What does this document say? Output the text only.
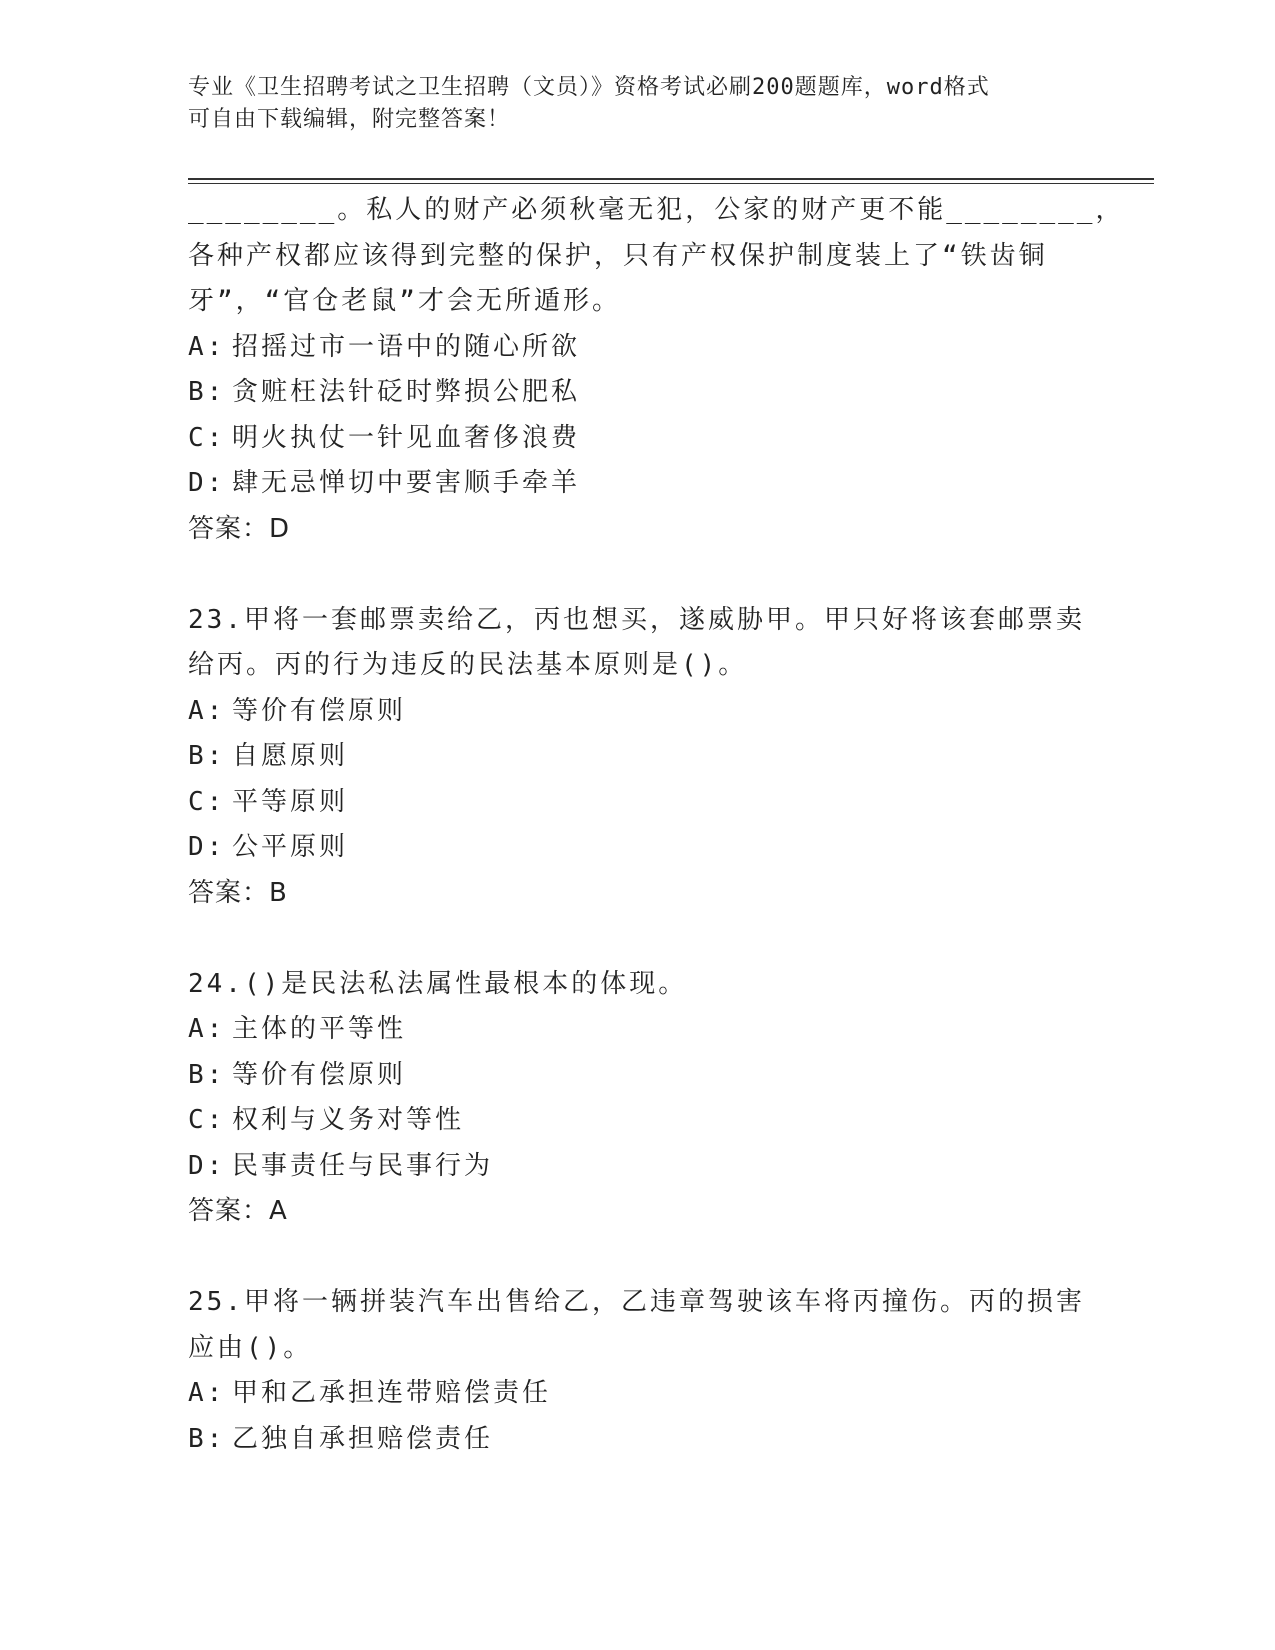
专业《卫生招聘考试之卫生招聘（文员）》资格考试必刷200题题库，word格式
可自由下载编辑，附完整答案！
________。私人的财产必须秋毫无犯，公家的财产更不能________，
各种产权都应该得到完整的保护，只有产权保护制度装上了“铁齿铜
牙”，“官仓老鼠”才会无所遁形。
A : 招摇过市一语中的随心所欲
B : 贪赃枉法针砭时弊损公肥私
C : 明火执仗一针见血奢侈浪费
D : 肆无忌惮切中要害顺手牵羊
答案：D
23.甲将一套邮票卖给乙，丙也想买，遂威胁甲。甲只好将该套邮票卖
给丙。丙的行为违反的民法基本原则是()。
A : 等价有偿原则
B : 自愿原则
C : 平等原则
D : 公平原则
答案：B
24.()是民法私法属性最根本的体现。
A : 主体的平等性
B : 等价有偿原则
C : 权利与义务对等性
D : 民事责任与民事行为
答案：A
25.甲将一辆拼装汽车出售给乙，乙违章驾驶该车将丙撞伤。丙的损害
应由()。
A : 甲和乙承担连带赔偿责任
B : 乙独自承担赔偿责任
